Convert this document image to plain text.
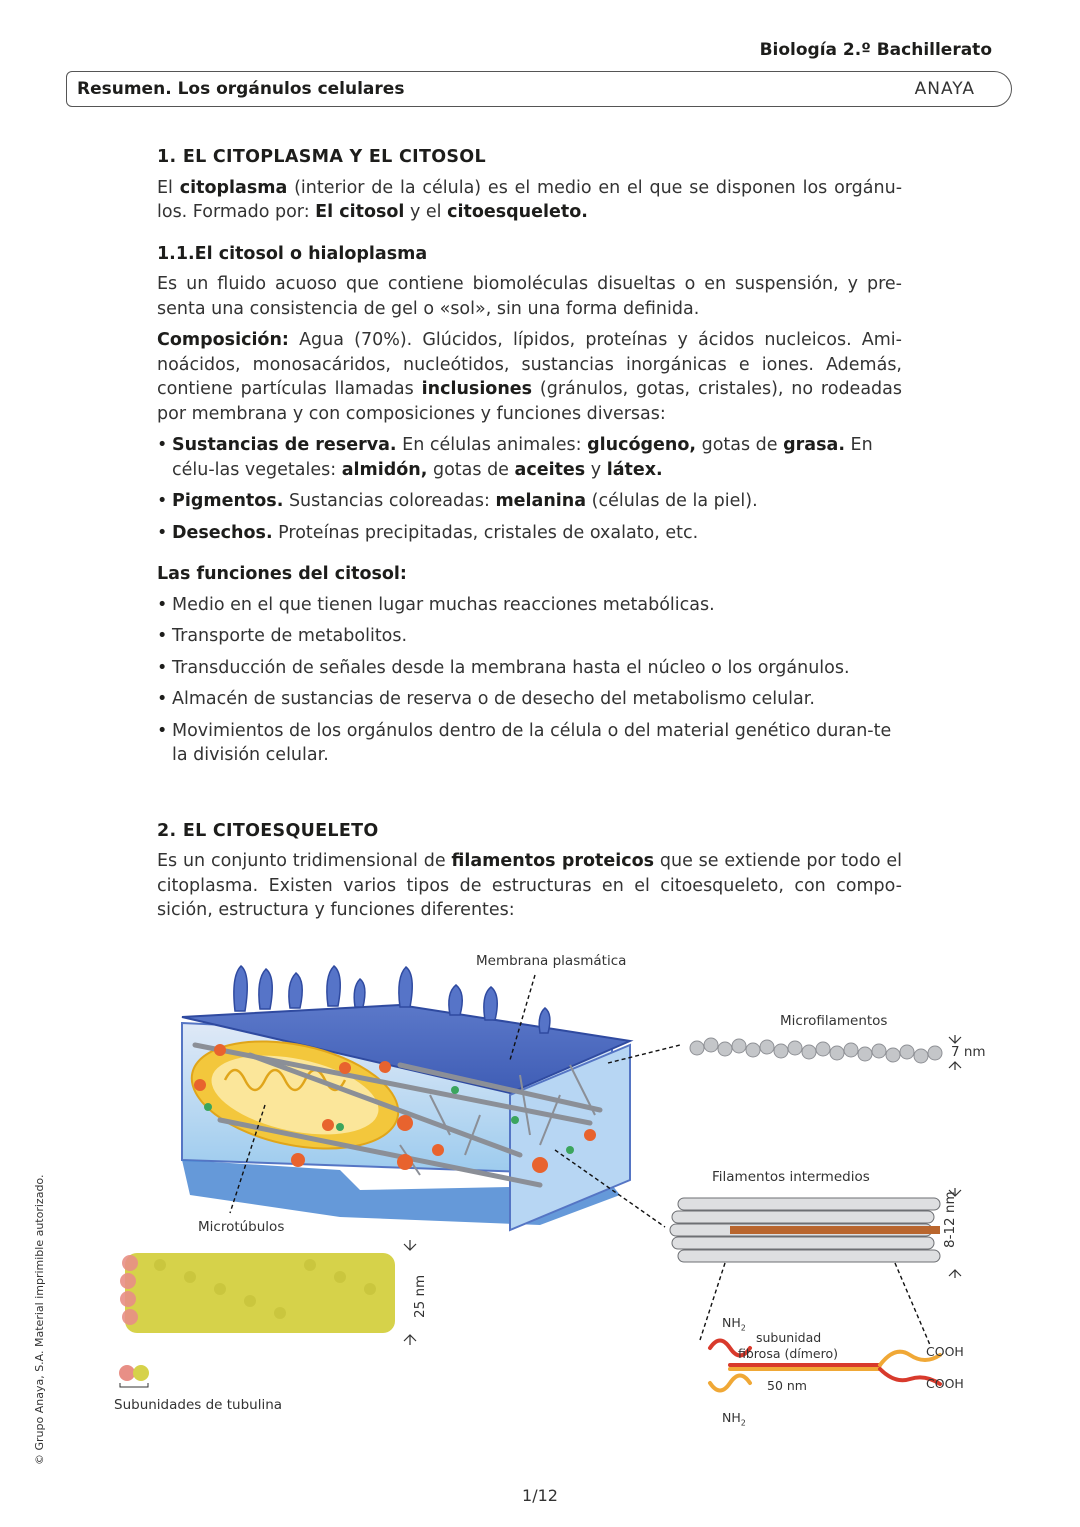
Biología 2.º Bachillerato
Resumen. Los orgánulos celulares	ANAYA
© Grupo Anaya, S.A. Material imprimible autorizado.
1. EL CITOPLASMA Y EL CITOSOL

El citoplasma (interior de la célula) es el medio en el que se disponen los orgánu-los. Formado por: El citosol y el citoesqueleto.

1.1.El citosol o hialoplasma

Es un fluido acuoso que contiene biomoléculas disueltas o en suspensión, y pre-senta una consistencia de gel o «sol», sin una forma definida.

Composición: Agua (70%). Glúcidos, lípidos, proteínas y ácidos nucleicos. Ami-noácidos, monosacáridos, nucleótidos, sustancias inorgánicas e iones. Además, contiene partículas llamadas inclusiones (gránulos, gotas, cristales), no rodeadas por membrana y con composiciones y funciones diversas:

• Sustancias de reserva. En células animales: glucógeno, gotas de grasa. En célu-las vegetales: almidón, gotas de aceites y látex.
• Pigmentos. Sustancias coloreadas: melanina (células de la piel).
• Desechos. Proteínas precipitadas, cristales de oxalato, etc.
Las funciones del citosol:
• Medio en el que tienen lugar muchas reacciones metabólicas.
• Transporte de metabolitos.
• Transducción de señales desde la membrana hasta el núcleo o los orgánulos.
• Almacén de sustancias de reserva o de desecho del metabolismo celular.
• Movimientos de los orgánulos dentro de la célula o del material genético duran-te la división celular.
2. EL CITOESQUELETO

Es un conjunto tridimensional de filamentos proteicos que se extiende por todo el citoplasma. Existen varios tipos de estructuras en el citoesqueleto, con compo-sición, estructura y funciones diferentes:

Membrana plasmática
Microfilamentos
7 nm
Filamentos intermedios
8-12 nm
Microtúbulos
25 nm
Subunidades de tubulina
$NH_2$
subunidad
fibrosa (dímero)
50 nm
COOH
COOH
$NH_2$
1/12
